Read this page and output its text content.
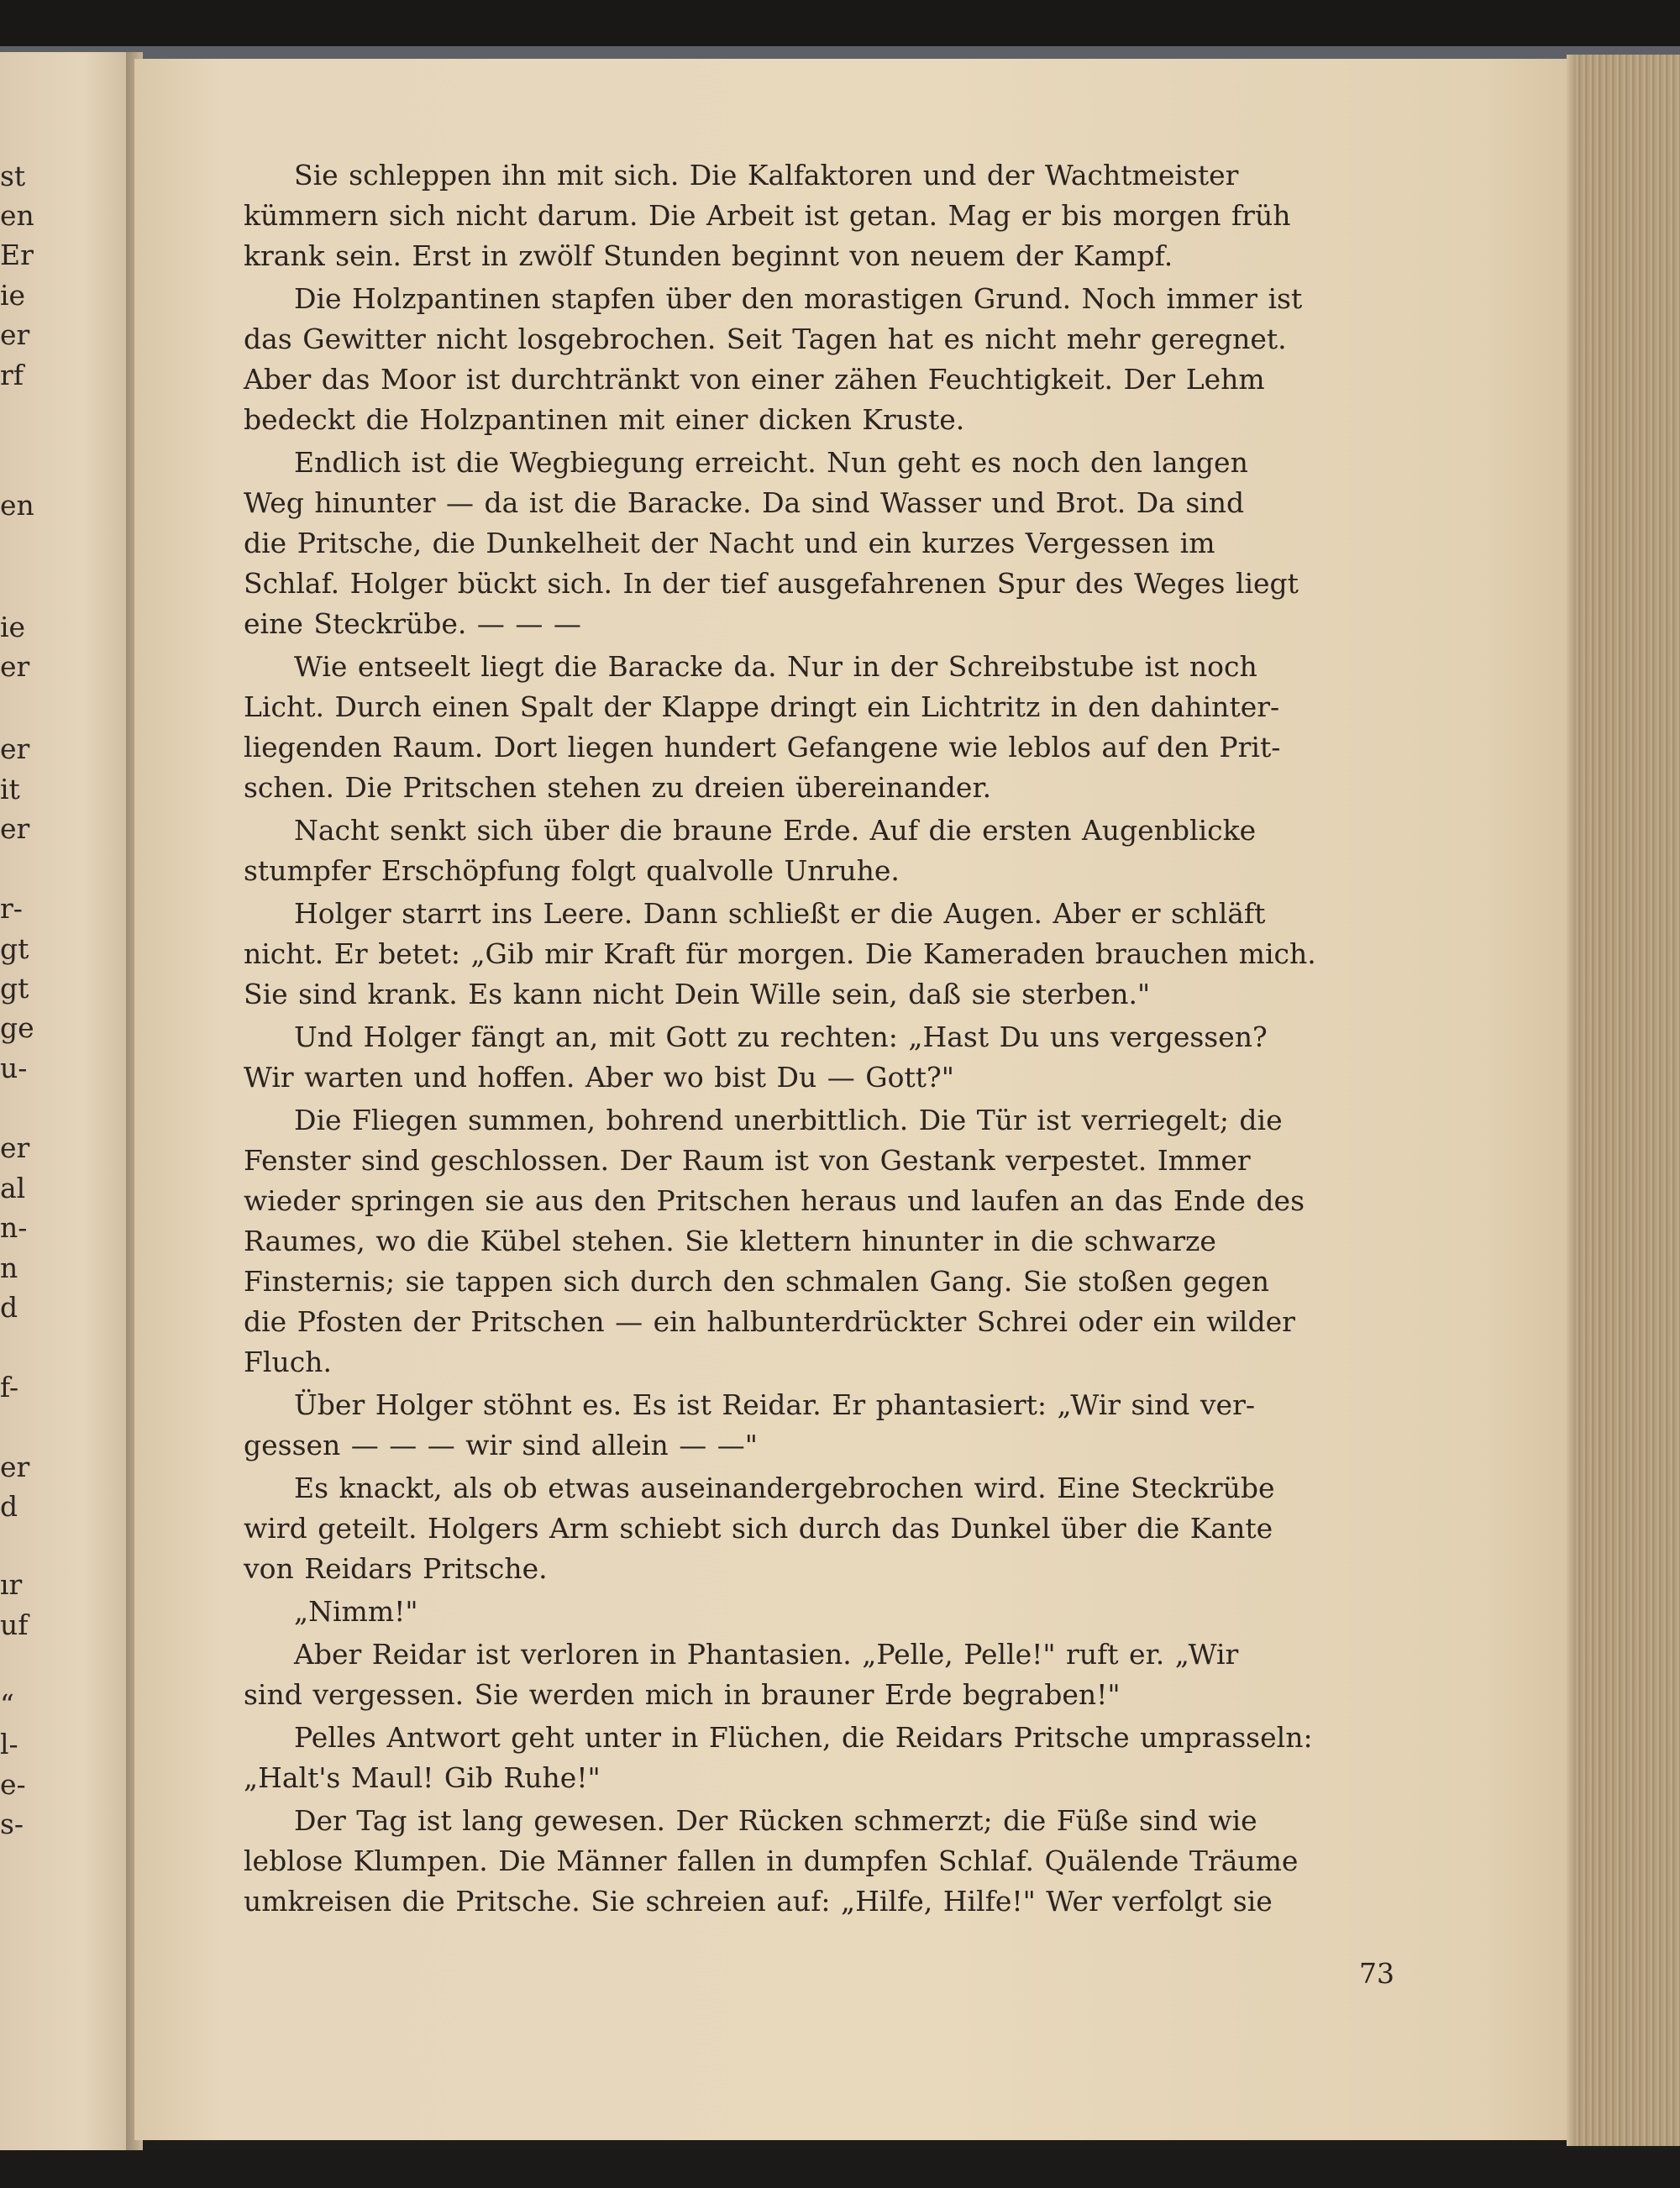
st
en
Er
ie
er
rf
en
ie
er
er
it
er
r-
gt
gt
ge
u-
er
al
n-
n
d
f-
er
d
ır
uf
“
l-
e-
s-

Sie schleppen ihn mit sich. Die Kalfaktoren und der Wachtmeister
kümmern sich nicht darum. Die Arbeit ist getan. Mag er bis morgen früh
krank sein. Erst in zwölf Stunden beginnt von neuem der Kampf.

Die Holzpantinen stapfen über den morastigen Grund. Noch immer ist
das Gewitter nicht losgebrochen. Seit Tagen hat es nicht mehr geregnet.
Aber das Moor ist durchtränkt von einer zähen Feuchtigkeit. Der Lehm
bedeckt die Holzpantinen mit einer dicken Kruste.

Endlich ist die Wegbiegung erreicht. Nun geht es noch den langen
Weg hinunter — da ist die Baracke. Da sind Wasser und Brot. Da sind
die Pritsche, die Dunkelheit der Nacht und ein kurzes Vergessen im
Schlaf. Holger bückt sich. In der tief ausgefahrenen Spur des Weges liegt
eine Steckrübe. — — —

Wie entseelt liegt die Baracke da. Nur in der Schreibstube ist noch
Licht. Durch einen Spalt der Klappe dringt ein Lichtritz in den dahinter-
liegenden Raum. Dort liegen hundert Gefangene wie leblos auf den Prit-
schen. Die Pritschen stehen zu dreien übereinander.

Nacht senkt sich über die braune Erde. Auf die ersten Augenblicke
stumpfer Erschöpfung folgt qualvolle Unruhe.

Holger starrt ins Leere. Dann schließt er die Augen. Aber er schläft
nicht. Er betet: „Gib mir Kraft für morgen. Die Kameraden brauchen mich.
Sie sind krank. Es kann nicht Dein Wille sein, daß sie sterben."

Und Holger fängt an, mit Gott zu rechten: „Hast Du uns vergessen?
Wir warten und hoffen. Aber wo bist Du — Gott?"

Die Fliegen summen, bohrend unerbittlich. Die Tür ist verriegelt; die
Fenster sind geschlossen. Der Raum ist von Gestank verpestet. Immer
wieder springen sie aus den Pritschen heraus und laufen an das Ende des
Raumes, wo die Kübel stehen. Sie klettern hinunter in die schwarze
Finsternis; sie tappen sich durch den schmalen Gang. Sie stoßen gegen
die Pfosten der Pritschen — ein halbunterdrückter Schrei oder ein wilder
Fluch.

Über Holger stöhnt es. Es ist Reidar. Er phantasiert: „Wir sind ver-
gessen — — — wir sind allein — —"

Es knackt, als ob etwas auseinandergebrochen wird. Eine Steckrübe
wird geteilt. Holgers Arm schiebt sich durch das Dunkel über die Kante
von Reidars Pritsche.

„Nimm!"

Aber Reidar ist verloren in Phantasien. „Pelle, Pelle!" ruft er. „Wir
sind vergessen. Sie werden mich in brauner Erde begraben!"

Pelles Antwort geht unter in Flüchen, die Reidars Pritsche umprasseln:
„Halt's Maul! Gib Ruhe!"

Der Tag ist lang gewesen. Der Rücken schmerzt; die Füße sind wie
leblose Klumpen. Die Männer fallen in dumpfen Schlaf. Quälende Träume
umkreisen die Pritsche. Sie schreien auf: „Hilfe, Hilfe!" Wer verfolgt sie

73
